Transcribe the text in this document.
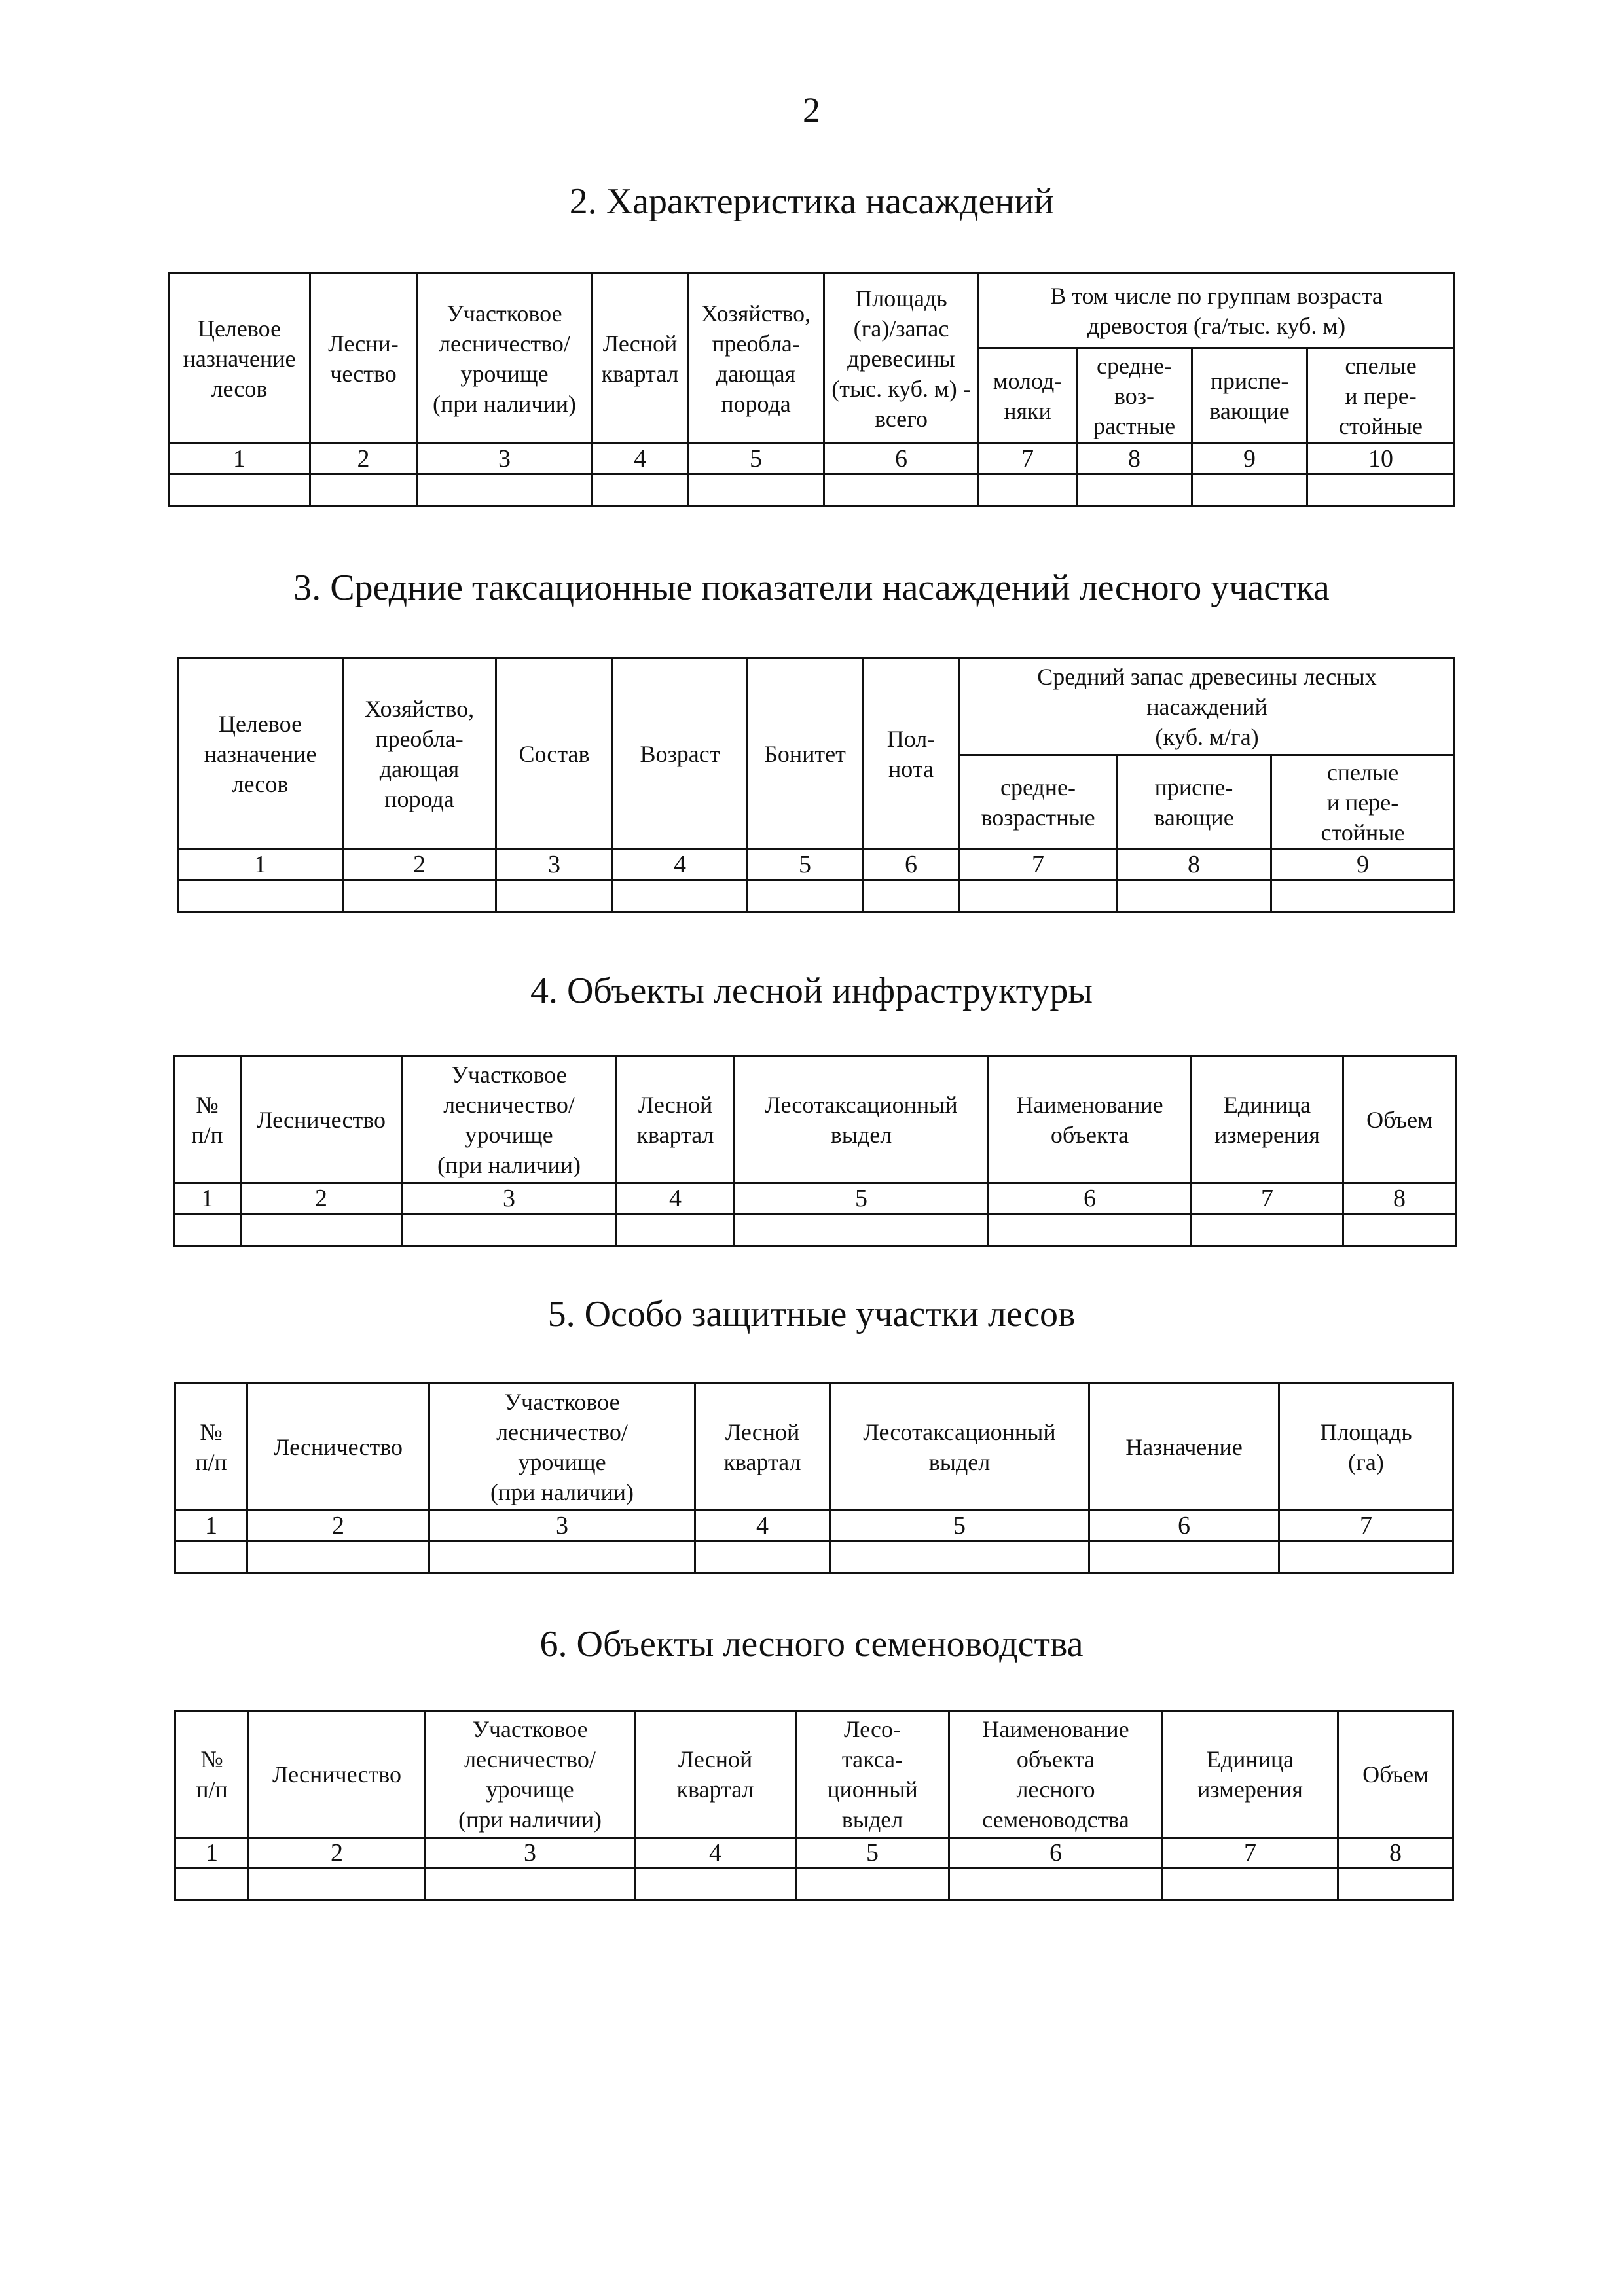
2
2. Характеристика насаждений
Целевое
назначение
лесов	Лесни-
чество	Участковое
лесничество/
урочище
(при наличии)	Лесной
квартал	Хозяйство,
преобла-
дающая
порода	Площадь
(га)/запас
древесины
(тыс. куб. м) -
всего	В том числе по группам возраста
древостоя (га/тыс. куб. м)			
						молод-
няки	средне-
воз-
растные	приспе-
вающие	спелые
и пере-
стойные
1	2	3	4	5	6	7	8	9	10

3. Средние таксационные показатели насаждений лесного участка
Целевое
назначение
лесов	Хозяйство,
преобла-
дающая
порода	Состав	Возраст	Бонитет	Пол-
нота	Средний запас древесины лесных
насаждений
(куб. м/га)		
						средне-
возрастные	приспе-
вающие	спелые
и пере-
стойные
1	2	3	4	5	6	7	8	9

4. Объекты лесной инфраструктуры
№
п/п	Лесничество	Участковое
лесничество/
урочище
(при наличии)	Лесной
квартал	Лесотаксационный
выдел	Наименование
объекта	Единица
измерения	Объем
1	2	3	4	5	6	7	8

5. Особо защитные участки лесов
№
п/п	Лесничество	Участковое
лесничество/
урочище
(при наличии)	Лесной
квартал	Лесотаксационный
выдел	Назначение	Площадь
(га)
1	2	3	4	5	6	7

6. Объекты лесного семеноводства
№
п/п	Лесничество	Участковое
лесничество/
урочище
(при наличии)	Лесной
квартал	Лесо-
такса-
ционный
выдел	Наименование
объекта
лесного
семеноводства	Единица
измерения	Объем
1	2	3	4	5	6	7	8
